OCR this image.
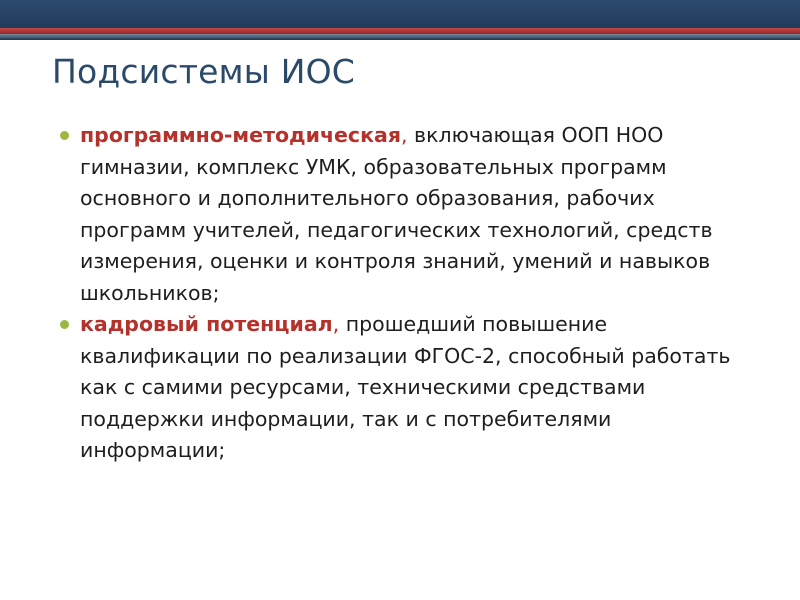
Подсистемы ИОС
программно-методическая, включающая ООП НОО гимназии, комплекс УМК, образовательных программ основного и дополнительного образования, рабочих программ учителей, педагогических технологий, средств измерения, оценки и контроля знаний, умений и навыков школьников;
кадровый потенциал, прошедший повышение квалификации по реализации ФГОС-2, способный работать как с самими ресурсами, техническими средствами поддержки информации, так и с потребителями информации;
